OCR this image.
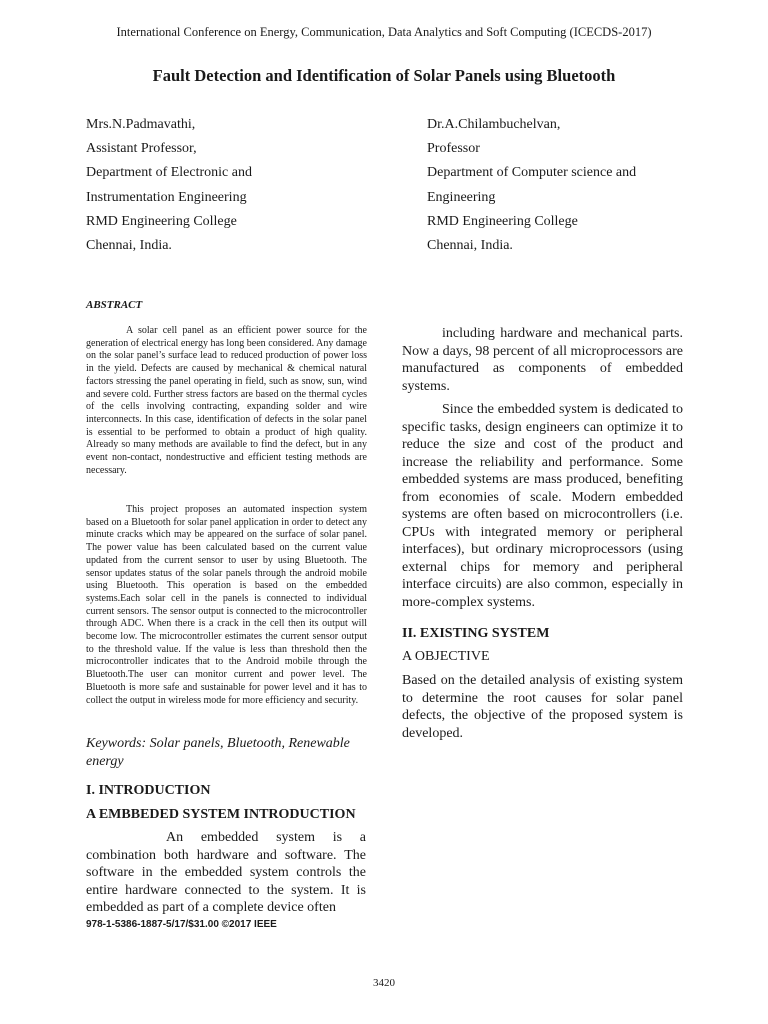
International Conference on Energy, Communication, Data Analytics and Soft Computing (ICECDS-2017)
Fault Detection and Identification of Solar Panels using Bluetooth
Mrs.N.Padmavathi,
Assistant Professor,
Department of Electronic and
Instrumentation Engineering
RMD Engineering College
Chennai, India.
Dr.A.Chilambuchelvan,
Professor
Department of Computer science and
Engineering
RMD Engineering College
Chennai, India.
ABSTRACT
A solar cell panel as an efficient power source for the generation of electrical energy has long been considered. Any damage on the solar panel’s surface lead to reduced production of power loss in the yield. Defects are caused by mechanical & chemical natural factors stressing the panel operating in field, such as snow, sun, wind and severe cold. Further stress factors are based on the thermal cycles of the cells involving contracting, expanding solder and wire interconnects. In this case, identification of defects in the solar panel is essential to be performed to obtain a product of high quality. Already so many methods are available to find the defect, but in any event non-contact, nondestructive and efficient testing methods are necessary.
This project proposes an automated inspection system based on a Bluetooth for solar panel application in order to detect any minute cracks which may be appeared on the surface of solar panel. The power value has been calculated based on the current value updated from the current sensor to user by using Bluetooth. The sensor updates status of the solar panels through the android mobile using Bluetooth. This operation is based on the embedded systems.Each solar cell in the panels is connected to individual current sensors. The sensor output is connected to the microcontroller through ADC. When there is a crack in the cell then its output will become low. The microcontroller estimates the current sensor output to the threshold value. If the value is less than threshold then the microcontroller indicates that to the Android mobile through the Bluetooth.The user can monitor current and power level. The Bluetooth is more safe and sustainable for power level and it has to collect the output in wireless mode for more efficiency and security.
Keywords: Solar panels, Bluetooth, Renewable energy
I. INTRODUCTION
A EMBBEDED SYSTEM INTRODUCTION
An embedded system is a combination both hardware and software. The software in the embedded system controls the entire hardware connected to the system. It is embedded as part of a complete device often
including hardware and mechanical parts. Now a days, 98 percent of all microprocessors are manufactured as components of embedded systems.
Since the embedded system is dedicated to specific tasks, design engineers can optimize it to reduce the size and cost of the product and increase the reliability and performance. Some embedded systems are mass produced, benefiting from economies of scale. Modern embedded systems are often based on microcontrollers (i.e. CPUs with integrated memory or peripheral interfaces), but ordinary microprocessors (using external chips for memory and peripheral interface circuits) are also common, especially in more-complex systems.
II. EXISTING SYSTEM
A OBJECTIVE
Based on the detailed analysis of existing system to determine the root causes for solar panel defects, the objective of the proposed system is developed.
978-1-5386-1887-5/17/$31.00 ©2017 IEEE
3420
